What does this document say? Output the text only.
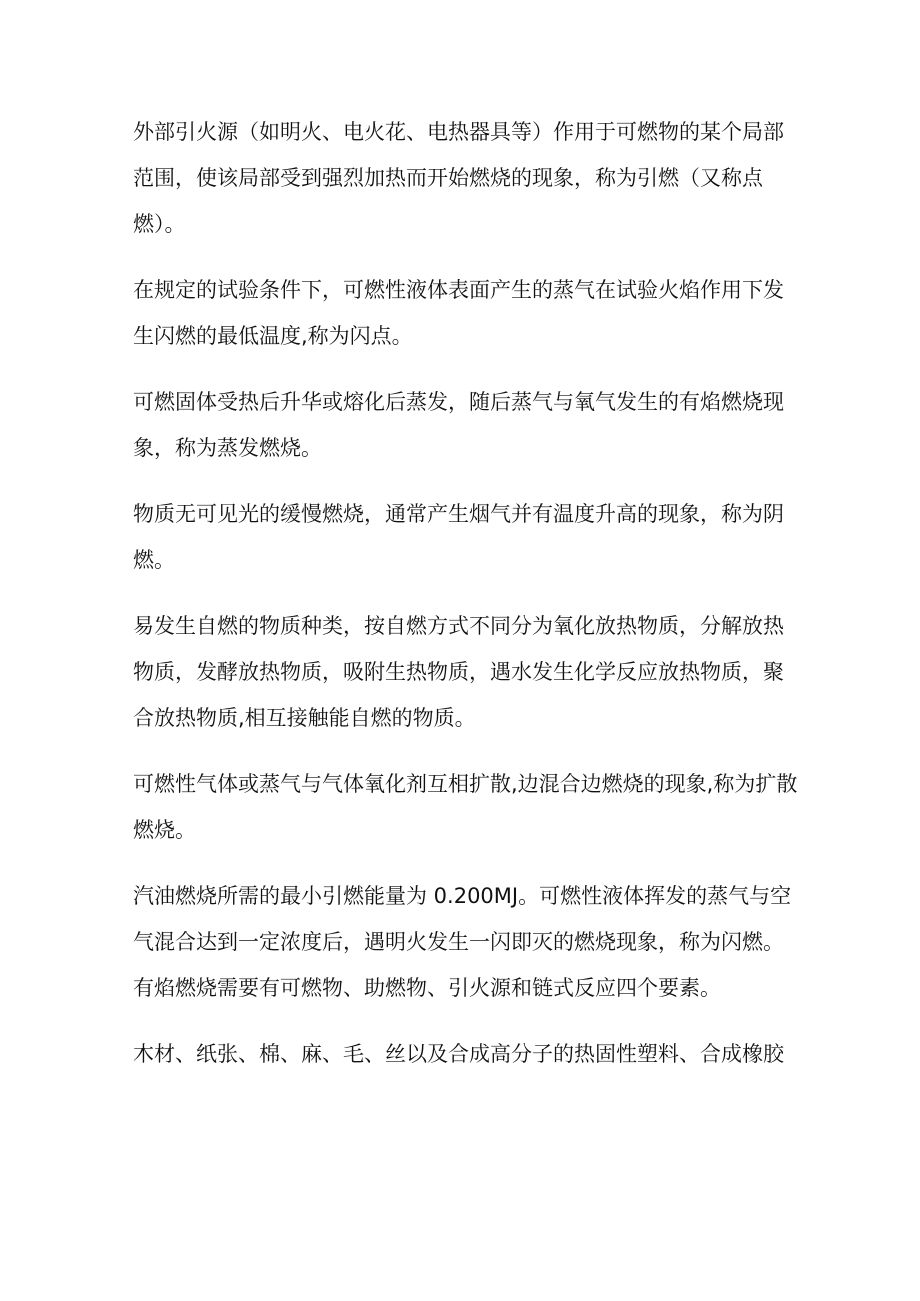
外部引火源（如明火、电火花、电热器具等）作用于可燃物的某个局部范围，使该局部受到强烈加热而开始燃烧的现象，称为引燃（又称点燃）。

在规定的试验条件下，可燃性液体表面产生的蒸气在试验火焰作用下发生闪燃的最低温度,称为闪点。

可燃固体受热后升华或熔化后蒸发，随后蒸气与氧气发生的有焰燃烧现象，称为蒸发燃烧。

物质无可见光的缓慢燃烧，通常产生烟气并有温度升高的现象，称为阴燃。

易发生自燃的物质种类，按自燃方式不同分为氧化放热物质，分解放热物质，发酵放热物质，吸附生热物质，遇水发生化学反应放热物质，聚合放热物质,相互接触能自燃的物质。

可燃性气体或蒸气与气体氧化剂互相扩散,边混合边燃烧的现象,称为扩散燃烧。

汽油燃烧所需的最小引燃能量为 0.200MJ。可燃性液体挥发的蒸气与空气混合达到一定浓度后，遇明火发生一闪即灭的燃烧现象，称为闪燃。

有焰燃烧需要有可燃物、助燃物、引火源和链式反应四个要素。

木材、纸张、棉、麻、毛、丝以及合成高分子的热固性塑料、合成橡胶
